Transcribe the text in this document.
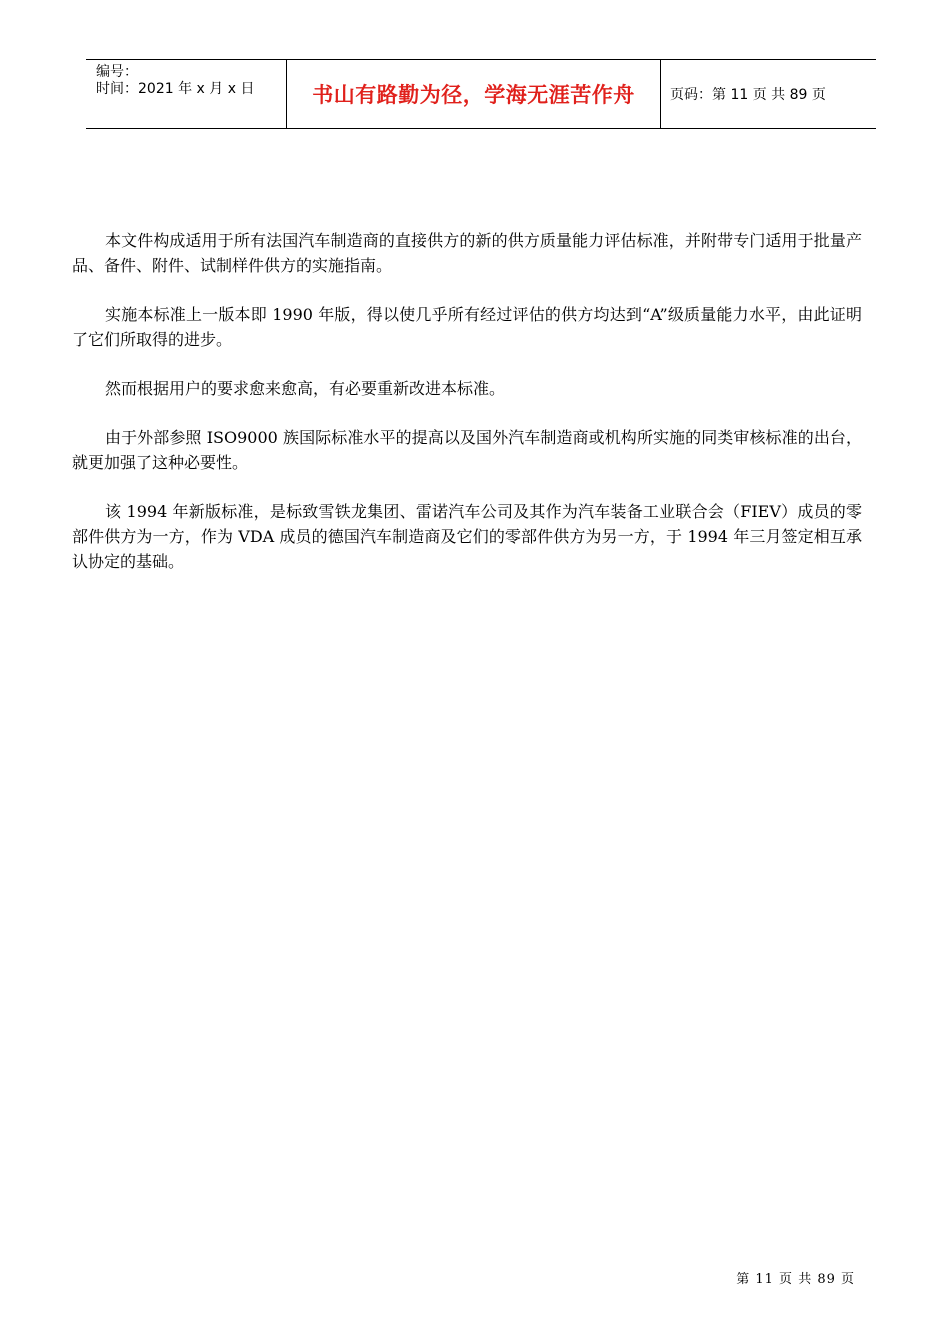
编号：
时间：2021 年 x 月 x 日	书山有路勤为径，学海无涯苦作舟	页码：第 11 页 共 89 页

本文件构成适用于所有法国汽车制造商的直接供方的新的供方质量能力评估标准，并附带专门适用于批量产品、备件、附件、试制样件供方的实施指南。

实施本标准上一版本即 1990 年版，得以使几乎所有经过评估的供方均达到“A”级质量能力水平，由此证明了它们所取得的进步。

然而根据用户的要求愈来愈高，有必要重新改进本标准。

由于外部参照 ISO9000 族国际标准水平的提高以及国外汽车制造商或机构所实施的同类审核标准的出台，就更加强了这种必要性。

该 1994 年新版标准，是标致雪铁龙集团、雷诺汽车公司及其作为汽车装备工业联合会（FIEV）成员的零部件供方为一方，作为 VDA 成员的德国汽车制造商及它们的零部件供方为另一方，于 1994 年三月签定相互承认协定的基础。

第 11 页 共 89 页
